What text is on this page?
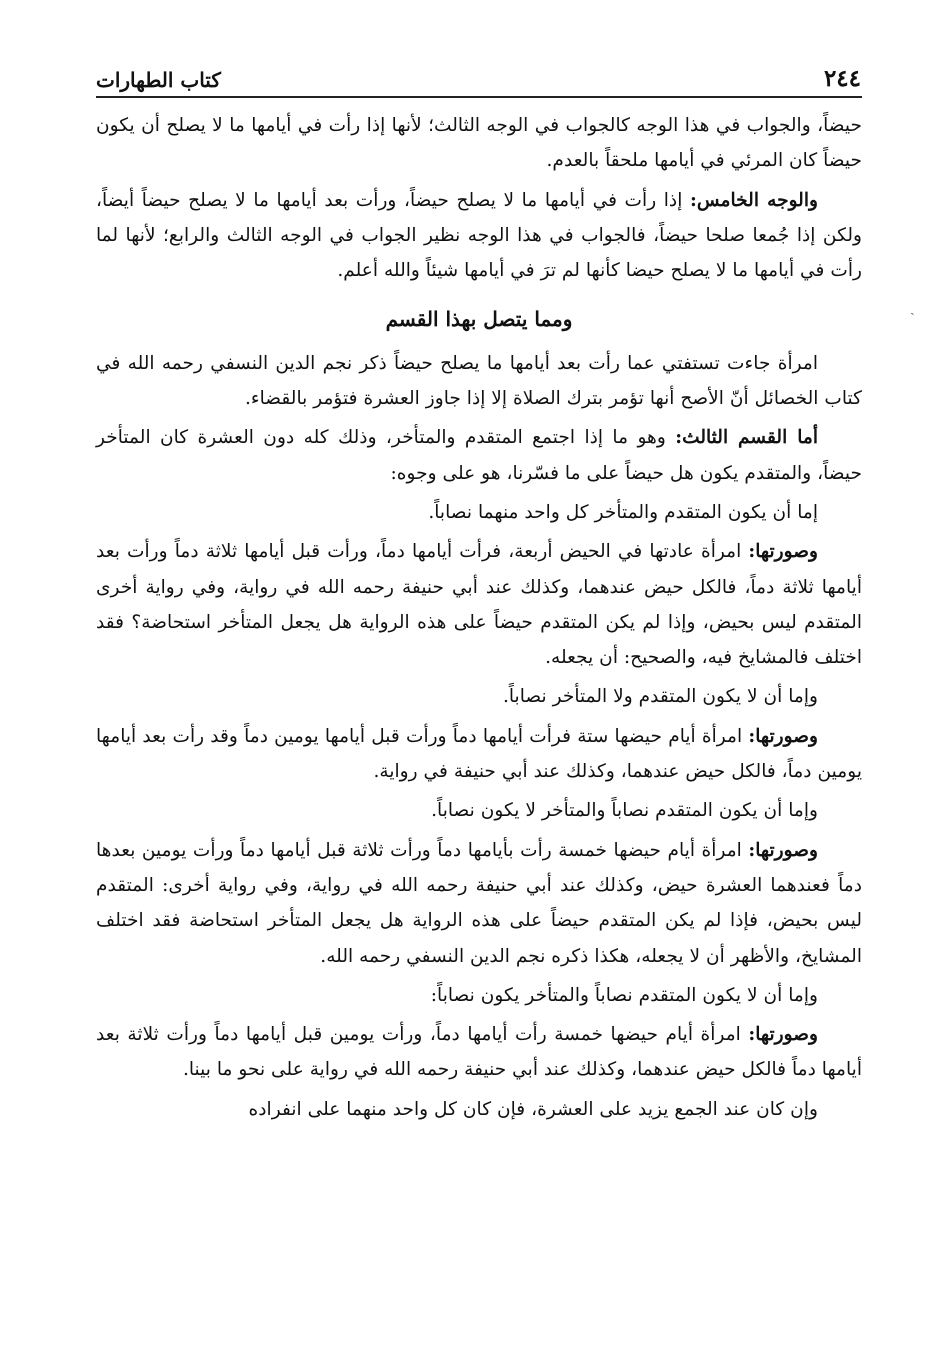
٢٤٤
كتاب الطهارات

حيضاً، والجواب في هذا الوجه كالجواب في الوجه الثالث؛ لأنها إذا رأت في أيامها ما لا يصلح أن يكون حيضاً كان المرئي في أيامها ملحقاً بالعدم.

والوجه الخامس: إذا رأت في أيامها ما لا يصلح حيضاً، ورأت بعد أيامها ما لا يصلح حيضاً أيضاً، ولكن إذا جُمعا صلحا حيضاً، فالجواب في هذا الوجه نظير الجواب في الوجه الثالث والرابع؛ لأنها لما رأت في أيامها ما لا يصلح حيضا كأنها لم ترَ في أيامها شيئاً والله أعلم.

ومما يتصل بهذا القسم

امرأة جاءت تستفتي عما رأت بعد أيامها ما يصلح حيضاً ذكر نجم الدين النسفي رحمه الله في كتاب الخصائل أنّ الأصح أنها تؤمر بترك الصلاة إلا إذا جاوز العشرة فتؤمر بالقضاء.

أما القسم الثالث: وهو ما إذا اجتمع المتقدم والمتأخر، وذلك كله دون العشرة كان المتأخر حيضاً، والمتقدم يكون هل حيضاً على ما فسّرنا، هو على وجوه:

إما أن يكون المتقدم والمتأخر كل واحد منهما نصاباً.

وصورتها: امرأة عادتها في الحيض أربعة، فرأت أيامها دماً، ورأت قبل أيامها ثلاثة دماً ورأت بعد أيامها ثلاثة دماً، فالكل حيض عندهما، وكذلك عند أبي حنيفة رحمه الله في رواية، وفي رواية أخرى المتقدم ليس بحيض، وإذا لم يكن المتقدم حيضاً على هذه الرواية هل يجعل المتأخر استحاضة؟ فقد اختلف فالمشايخ فيه، والصحيح: أن يجعله.

وإما أن لا يكون المتقدم ولا المتأخر نصاباً.

وصورتها: امرأة أيام حيضها ستة فرأت أيامها دماً ورأت قبل أيامها يومين دماً وقد رأت بعد أيامها يومين دماً، فالكل حيض عندهما، وكذلك عند أبي حنيفة في رواية.

وإما أن يكون المتقدم نصاباً والمتأخر لا يكون نصاباً.

وصورتها: امرأة أيام حيضها خمسة رأت بأيامها دماً ورأت ثلاثة قبل أيامها دماً ورأت يومين بعدها دماً فعندهما العشرة حيض، وكذلك عند أبي حنيفة رحمه الله في رواية، وفي رواية أخرى: المتقدم ليس بحيض، فإذا لم يكن المتقدم حيضاً على هذه الرواية هل يجعل المتأخر استحاضة فقد اختلف المشايخ، والأظهر أن لا يجعله، هكذا ذكره نجم الدين النسفي رحمه الله.

وإما أن لا يكون المتقدم نصاباً والمتأخر يكون نصاباً:

وصورتها: امرأة أيام حيضها خمسة رأت أيامها دماً، ورأت يومين قبل أيامها دماً ورأت ثلاثة بعد أيامها دماً فالكل حيض عندهما، وكذلك عند أبي حنيفة رحمه الله في رواية على نحو ما بينا.

وإن كان عند الجمع يزيد على العشرة، فإن كان كل واحد منهما على انفراده

ˏ
